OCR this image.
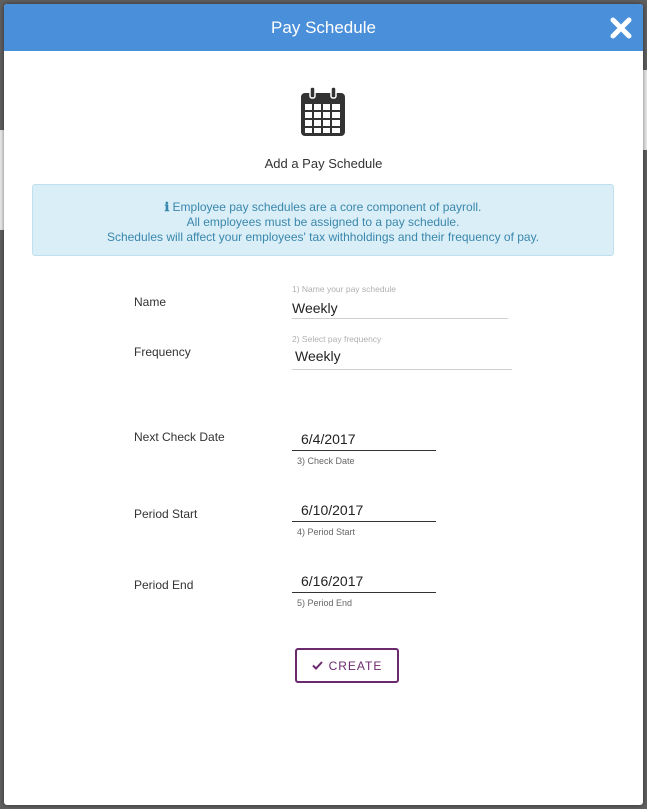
Pay Schedule
Add a Pay Schedule
ℹ Employee pay schedules are a core component of payroll.
All employees must be assigned to a pay schedule.
Schedules will affect your employees' tax withholdings and their frequency of pay.
Name
1) Name your pay schedule
Weekly
Frequency
2) Select pay frequency
Weekly
Next Check Date
6/4/2017
3) Check Date
Period Start
6/10/2017
4) Period Start
Period End
6/16/2017
5) Period End
CREATE
